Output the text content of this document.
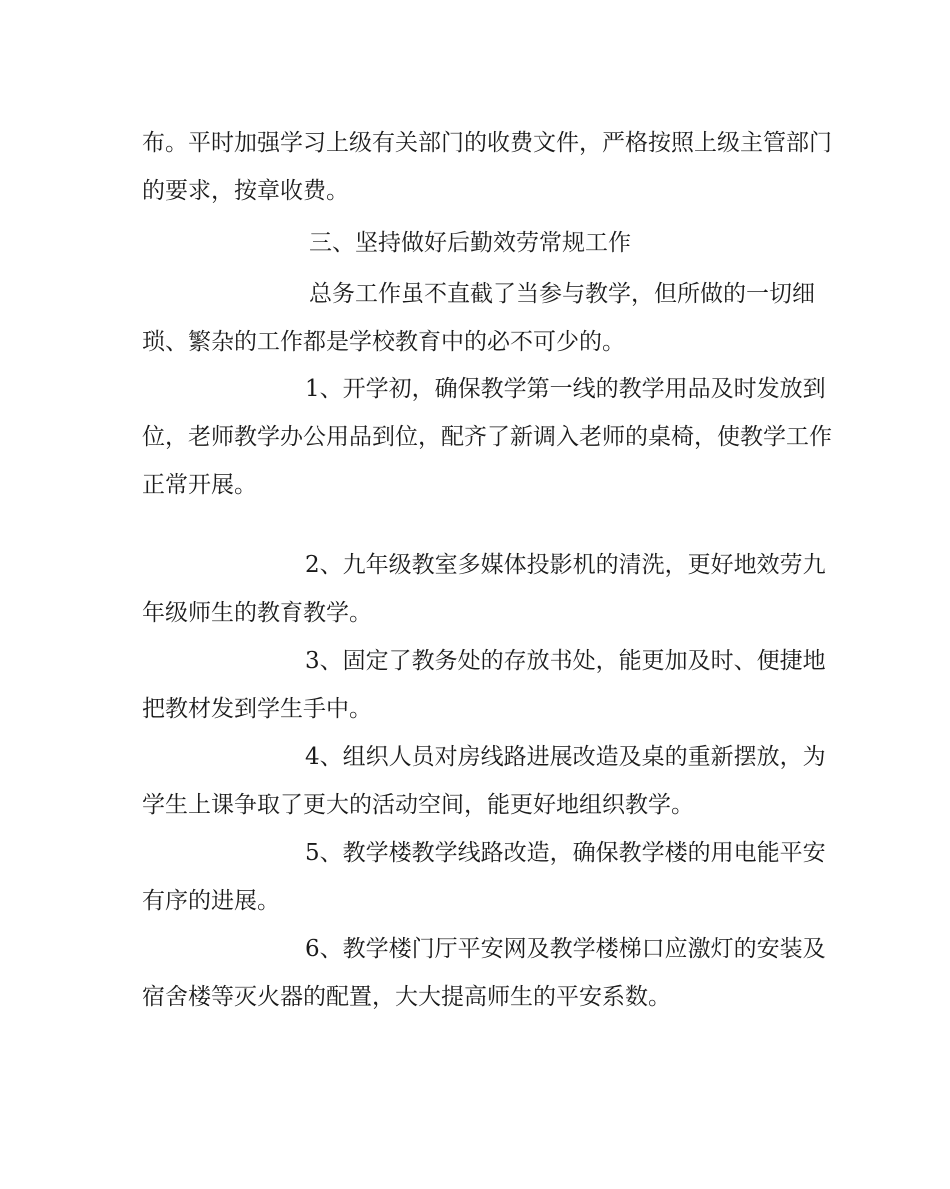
布。平时加强学习上级有关部门的收费文件，严格按照上级主管部门
的要求，按章收费。
三、坚持做好后勤效劳常规工作
总务工作虽不直截了当参与教学，但所做的一切细
琐、繁杂的工作都是学校教育中的必不可少的。
1、开学初，确保教学第一线的教学用品及时发放到
位，老师教学办公用品到位，配齐了新调入老师的桌椅，使教学工作
正常开展。
2、九年级教室多媒体投影机的清洗，更好地效劳九
年级师生的教育教学。
3、固定了教务处的存放书处，能更加及时、便捷地
把教材发到学生手中。
4、组织人员对房线路进展改造及桌的重新摆放，为
学生上课争取了更大的活动空间，能更好地组织教学。
5、教学楼教学线路改造，确保教学楼的用电能平安
有序的进展。
6、教学楼门厅平安网及教学楼梯口应激灯的安装及
宿舍楼等灭火器的配置，大大提高师生的平安系数。
